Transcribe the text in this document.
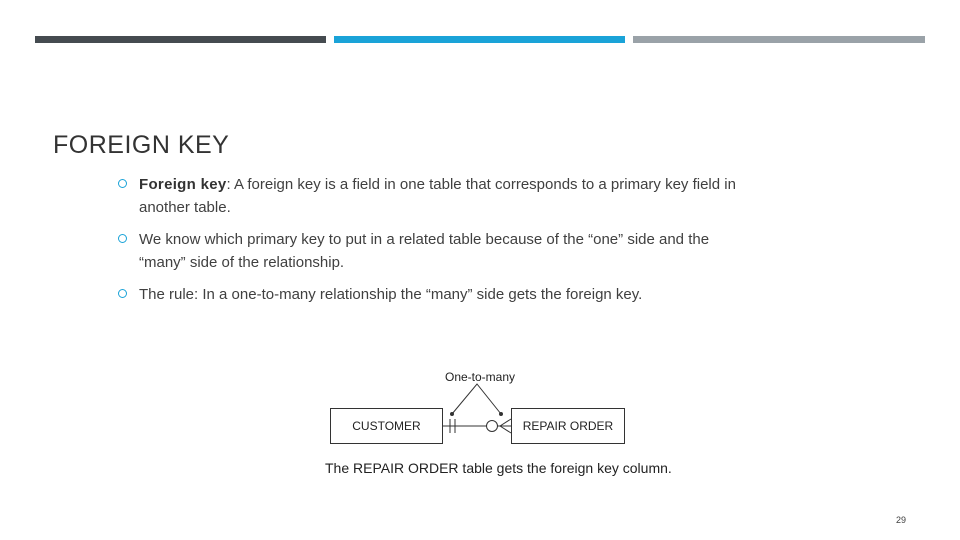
FOREIGN KEY
Foreign key: A foreign key is a field in one table that corresponds to a primary key field in another table.
We know which primary key to put in a related table because of the “one” side and the “many” side of the relationship.
The rule: In a one-to-many relationship the “many” side gets the foreign key.
One-to-many
CUSTOMER	REPAIR ORDER
The REPAIR ORDER table gets the foreign key column.
29
